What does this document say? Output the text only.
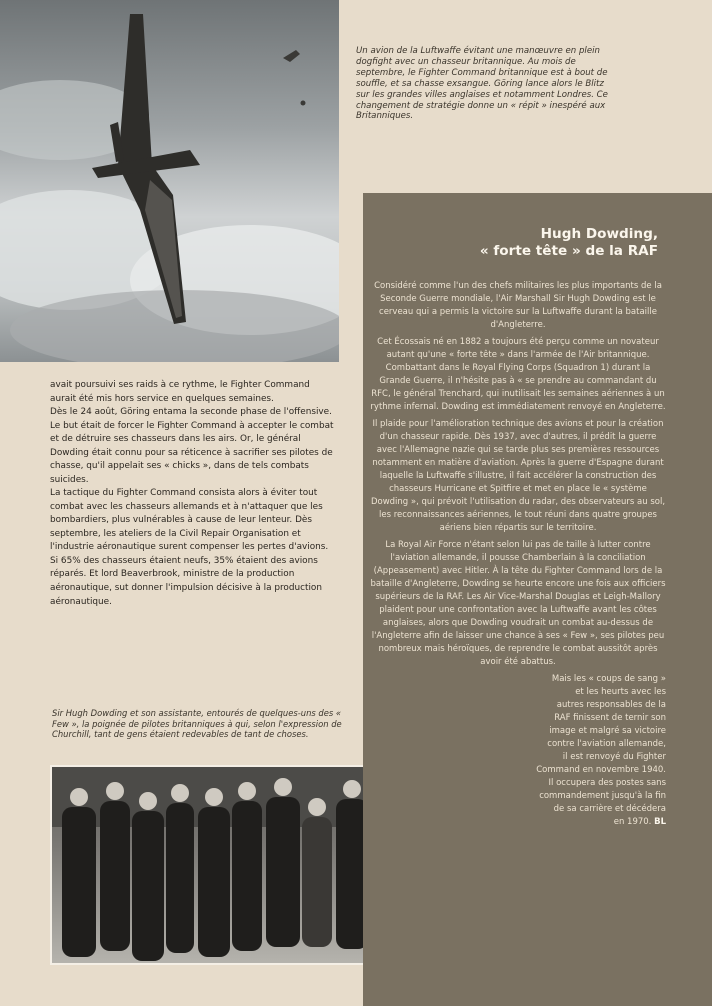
Un avion de la Luftwaffe évitant une manœuvre en plein dogfight avec un chasseur britannique. Au mois de septembre, le Fighter Command britannique est à bout de souffle, et sa chasse exsangue. Göring lance alors le Blitz sur les grandes villes anglaises et notamment Londres. Ce changement de stratégie donne un « répit » inespéré aux Britanniques.

avait poursuivi ses raids à ce rythme, le Fighter Command aurait été mis hors service en quelques semaines.

Dès le 24 août, Göring entama la seconde phase de l'offensive. Le but était de forcer le Fighter Command à accepter le combat et de détruire ses chasseurs dans les airs. Or, le général Dowding était connu pour sa réticence à sacrifier ses pilotes de chasse, qu'il appelait ses « chicks », dans de tels combats suicides.

La tactique du Fighter Command consista alors à éviter tout combat avec les chasseurs allemands et à n'attaquer que les bombardiers, plus vulnérables à cause de leur lenteur. Dès septembre, les ateliers de la Civil Repair Organisation et l'industrie aéronautique surent compenser les pertes d'avions. Si 65% des chasseurs étaient neufs, 35% étaient des avions réparés. Et lord Beaverbrook, ministre de la production aéronautique, sut donner l'impulsion décisive à la production aéronautique.

Sir Hugh Dowding et son assistante, entourés de quelques-uns des « Few », la poignée de pilotes britanniques à qui, selon l'expression de Churchill, tant de gens étaient redevables de tant de choses.
Hugh Dowding,
« forte tête » de la RAF

Considéré comme l'un des chefs militaires les plus importants de la Seconde Guerre mondiale, l'Air Marshall Sir Hugh Dowding est le cerveau qui a permis la victoire sur la Luftwaffe durant la bataille d'Angleterre.

Cet Écossais né en 1882 a toujours été perçu comme un novateur autant qu'une « forte tête » dans l'armée de l'Air britannique. Combattant dans le Royal Flying Corps (Squadron 1) durant la Grande Guerre, il n'hésite pas à « se prendre au commandant du RFC, le général Trenchard, qui inutilisait les semaines aériennes à un rythme infernal. Dowding est immédiatement renvoyé en Angleterre.

Il plaide pour l'amélioration technique des avions et pour la création d'un chasseur rapide. Dès 1937, avec d'autres, il prédit la guerre avec l'Allemagne nazie qui se tarde plus ses premières ressources notamment en matière d'aviation. Après la guerre d'Espagne durant laquelle la Luftwaffe s'illustre, il fait accélérer la construction des chasseurs Hurricane et Spitfire et met en place le « système Dowding », qui prévoit l'utilisation du radar, des observateurs au sol, les reconnaissances aériennes, le tout réuni dans quatre groupes aériens bien répartis sur le territoire.

La Royal Air Force n'étant selon lui pas de taille à lutter contre l'aviation allemande, il pousse Chamberlain à la conciliation (Appeasement) avec Hitler. À la tête du Fighter Command lors de la bataille d'Angleterre, Dowding se heurte encore une fois aux officiers supérieurs de la RAF. Les Air Vice-Marshal Douglas et Leigh-Mallory plaident pour une confrontation avec la Luftwaffe avant les côtes anglaises, alors que Dowding voudrait un combat au-dessus de l'Angleterre afin de laisser une chance à ses « Few », ses pilotes peu nombreux mais héroïques, de reprendre le combat aussitôt après avoir été abattus.

Mais les « coups de sang »

et les heurts avec les

autres responsables de la

RAF finissent de ternir son

image et malgré sa victoire

contre l'aviation allemande,

il est renvoyé du Fighter

Command en novembre 1940.

Il occupera des postes sans

commandement jusqu'à la fin

de sa carrière et décédera

en 1970. BL
